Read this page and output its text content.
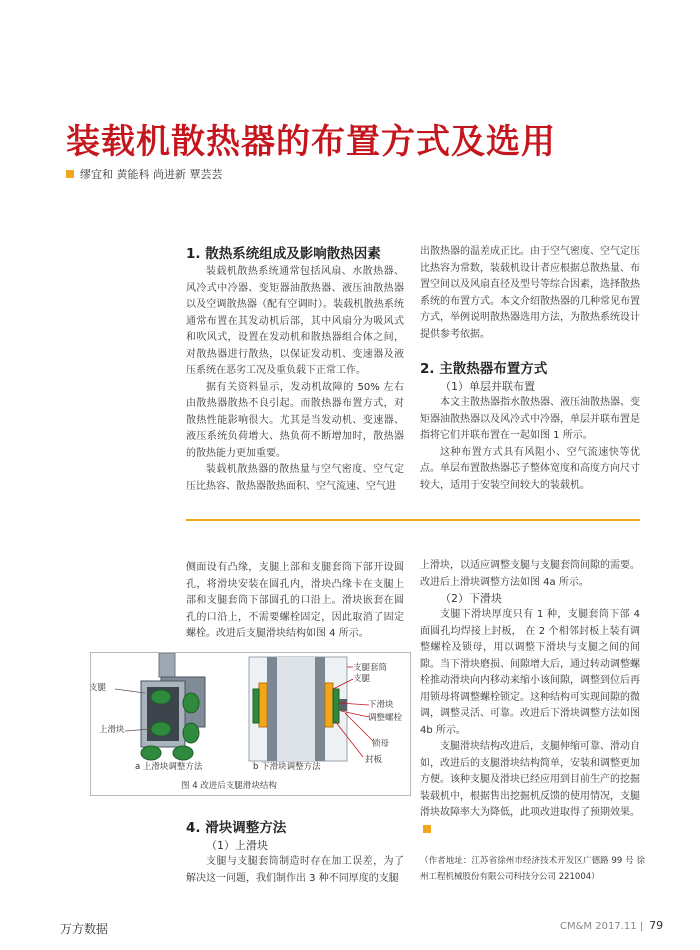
装载机散热器的布置方式及选用
缪宜和 黄能科 尚进新 覃芸芸
1. 散热系统组成及影响散热因素

装载机散热系统通常包括风扇、水散热器、风冷式中冷器、变矩器油散热器、液压油散热器以及空调散热器（配有空调时）。装载机散热系统通常布置在其发动机后部，其中风扇分为吸风式和吹风式，设置在发动机和散热器组合体之间，对散热器进行散热，以保证发动机、变速器及液压系统在恶劣工况及重负载下正常工作。

据有关资料显示，发动机故障的 50% 左右由散热器散热不良引起。而散热器布置方式，对散热性能影响很大。尤其是当发动机、变速器、液压系统负荷增大、热负荷不断增加时，散热器的散热能力更加重要。

装载机散热器的散热量与空气密度、空气定压比热容、散热器散热面积、空气流速、空气进

出散热器的温差成正比。由于空气密度、空气定压比热容为常数，装载机设计者应根据总散热量、布置空间以及风扇直径及型号等综合因素，选择散热系统的布置方式。本文介绍散热器的几种常见布置方式，举例说明散热器选用方法，为散热系统设计提供参考依据。

2. 主散热器布置方式
（1）单层并联布置

本文主散热器指水散热器、液压油散热器、变矩器油散热器以及风冷式中冷器，单层并联布置是指将它们并联布置在一起如图 1 所示。

这种布置方式具有风阻小、空气流速快等优点。单层布置散热器芯子整体宽度和高度方向尺寸较大，适用于安装空间较大的装载机。

侧面设有凸缘，支腿上部和支腿套筒下部开设圆孔，将滑块安装在圆孔内，滑块凸缘卡在支腿上部和支腿套筒下部圆孔的口沿上。滑块嵌套在圆孔的口沿上，不需要螺栓固定，因此取消了固定螺栓。改进后支腿滑块结构如图 4 所示。

支腿
上滑块
支腿套筒
支腿
下滑块
调整螺栓
锁母
封板
a 上滑块调整方法	b 下滑块调整方法
图 4 改进后支腿滑块结构
4. 滑块调整方法
（1）上滑块

支腿与支腿套筒制造时存在加工误差，为了解决这一问题，我们制作出 3 种不同厚度的支腿

上滑块，以适应调整支腿与支腿套筒间隙的需要。改进后上滑块调整方法如图 4a 所示。

（2）下滑块

支腿下滑块厚度只有 1 种，支腿套筒下部 4 面圆孔均焊接上封板， 在 2 个相邻封板上装有调整螺栓及锁母，用以调整下滑块与支腿之间的间隙。当下滑块磨损、间隙增大后，通过转动调整螺栓推动滑块向内移动来缩小该间隙，调整到位后再用锁母将调整螺栓锁定。这种结构可实现间隙的微调，调整灵活、可靠。改进后下滑块调整方法如图 4b 所示。

支腿滑块结构改进后，支腿伸缩可靠、滑动自如，改进后的支腿滑块结构简单，安装和调整更加方便。该种支腿及滑块已经应用到目前生产的挖掘装载机中，根据售出挖掘机反馈的使用情况，支腿滑块故障率大为降低，此项改进取得了预期效果。

（作者地址：江苏省徐州市经济技术开发区广德路 99 号 徐州工程机械股份有限公司科技分公司 221004）
万方数据	CM&M 2017.11 | 79
